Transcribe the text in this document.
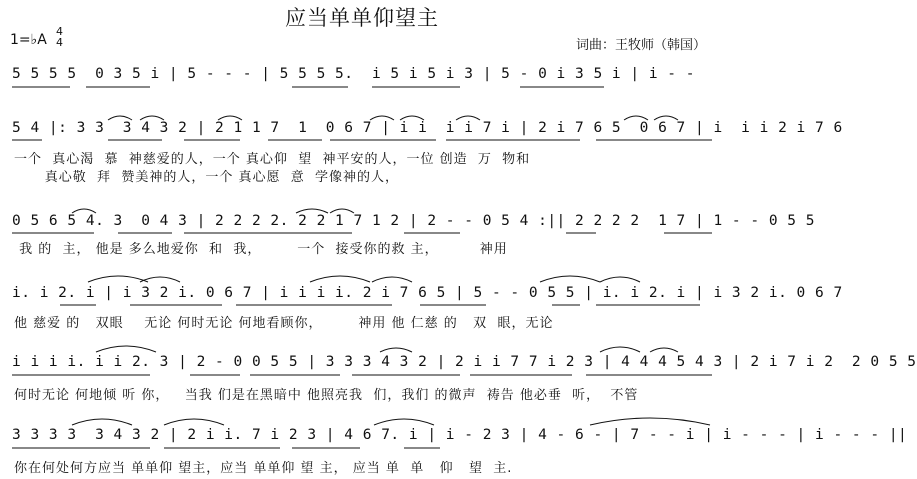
应当单单仰望主
1=♭A
4
4	词曲：王牧师（韩国）
5 5 5 5  0 3 5 i | 5 - - - | 5 5 5 5.  i 5 i 5 i 3 | 5 - 0 i 3 5 i | i - -
5 4 |: 3 3  3 4 3 2 | 2 1 1 7  1  0 6 7 | i i  i i 7 i | 2 i 7 6 5  0 6 7 | i  i i 2 i 7 6
一个  真心渴  慕  神慈爱的人，一个 真心仰  望  神平安的人，一位 创造  万  物和
真心敬  拜  赞美神的人，一个 真心愿  意  学像神的人，
0 5 6 5 4. 3  0 4 3 | 2 2 2 2. 2 2 1 7 1 2 | 2 - - 0 5 4 :|| 2 2 2 2  1 7 | 1 - - 0 5 5
我 的  主， 他是 多么地爱你  和  我，       一个  接受你的救 主，        神用
i. i 2. i | i 3 2 i. 0 6 7 | i i i i. 2 i 7 6 5 | 5 - - 0 5 5 | i. i 2. i | i 3 2 i. 0 6 7
他 慈爱 的   双眼    无论 何时无论 何地看顾你，       神用 他 仁慈 的   双  眼，无论
i i i i. i i 2. 3 | 2 - 0 0 5 5 | 3 3 3 4 3 2 | 2 i i 7 7 i 2 3 | 4 4 4 5 4 3 | 2 i 7 i 2  2 0 5 5
何时无论 何地倾 听 你，   当我 们是在黑暗中 他照亮我  们，我们 的微声  祷告 他必垂  听，  不管
3 3 3 3  3 4 3 2 | 2 i i. 7 i 2 3 | 4 6 7. i | i - 2 3 | 4 - 6 - | 7 - - i | i - - - | i - - - ||
你在何处何方应当 单单仰 望主，应当 单单仰 望 主， 应当 单  单   仰   望  主.
